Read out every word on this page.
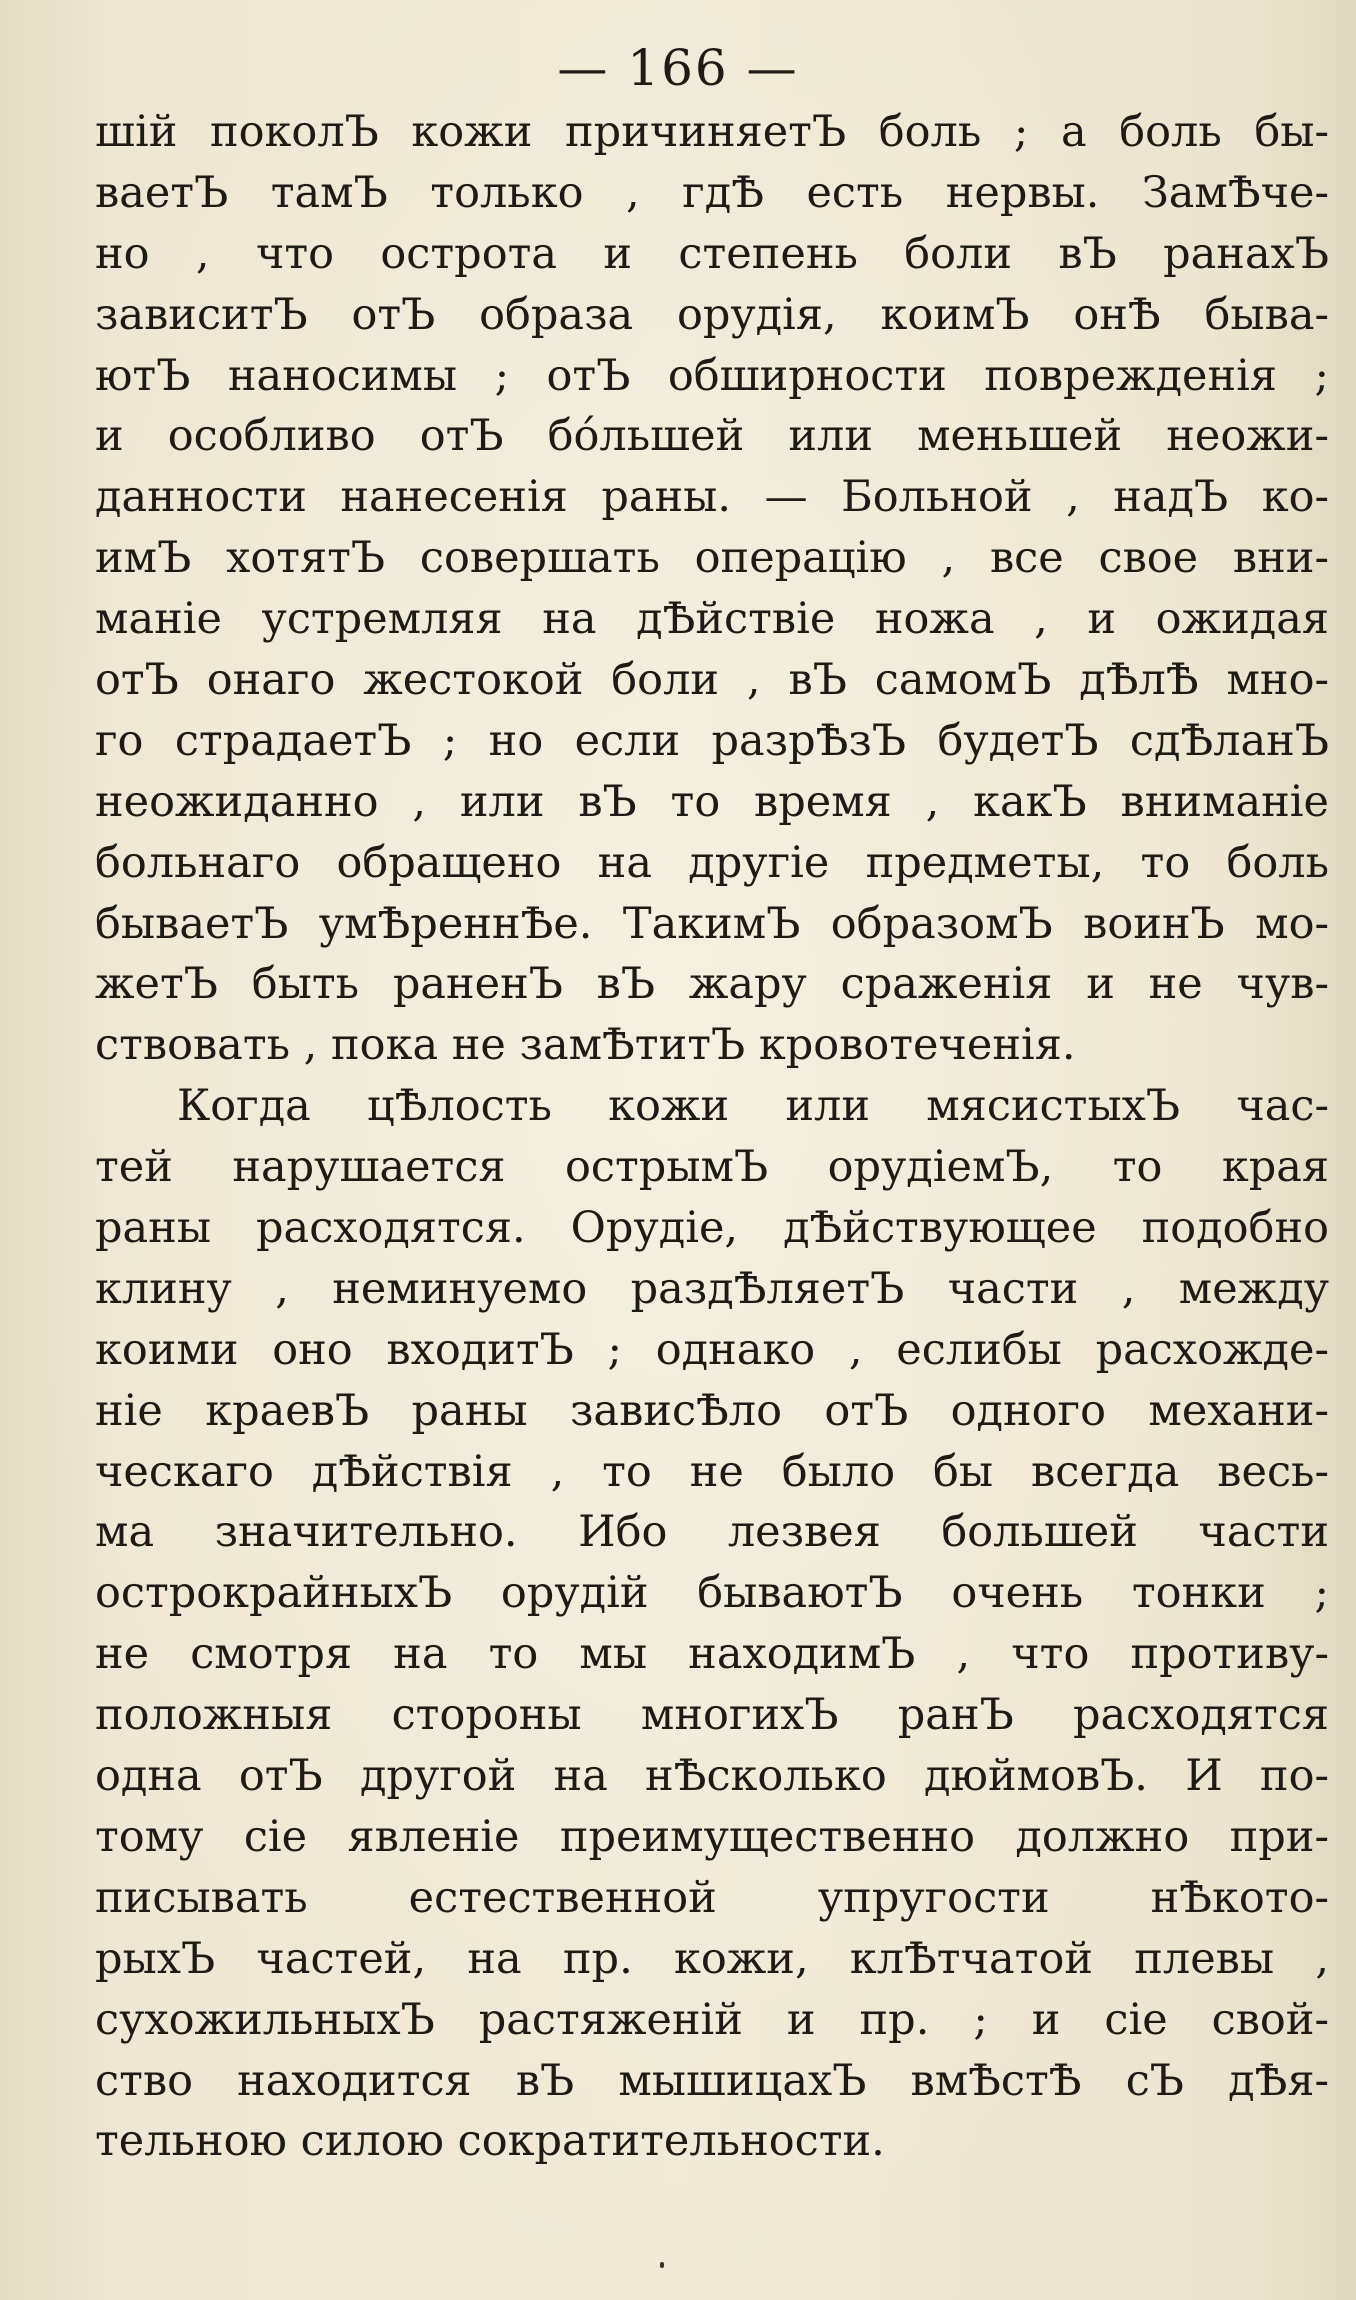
— 166 —
шій поколЪ кожи причиняетЪ боль ; а боль бы-
ваетЪ тамЪ только , гдѢ есть нервы. ЗамѢче-
но , что острота и степень боли вЪ ранахЪ
зависитЪ отЪ образа орудія, коимЪ онѢ быва-
ютЪ наносимы ; отЪ обширности поврежденія ;
и особливо отЪ бо́льшей или меньшей неожи-
данности нанесенія раны. — Больной , надЪ ко-
имЪ хотятЪ совершать операцію , все свое вни-
маніе устремляя на дѢйствіе ножа , и ожидая
отЪ онаго жестокой боли , вЪ самомЪ дѢлѢ мно-
го страдаетЪ ; но если разрѢзЪ будетЪ сдѢланЪ
неожиданно , или вЪ то время , какЪ вниманіе
больнаго обращено на другіе предметы, то боль
бываетЪ умѢреннѢе. ТакимЪ образомЪ воинЪ мо-
жетЪ быть раненЪ вЪ жару сраженія и не чув-
ствовать , пока не замѢтитЪ кровотеченія.
Когда цѢлость кожи или мясистыхЪ час-
тей нарушается острымЪ орудіемЪ, то края
раны расходятся. Орудіе, дѢйствующее подобно
клину , неминуемо раздѢляетЪ части , между
коими оно входитЪ ; однако , еслибы расхожде-
ніе краевЪ раны зависѢло отЪ одного механи-
ческаго дѢйствія , то не было бы всегда весь-
ма значительно. Ибо лезвея большей части
острокрайныхЪ орудій бываютЪ очень тонки ;
не смотря на то мы находимЪ , что противу-
положныя стороны многихЪ ранЪ расходятся
одна отЪ другой на нѢсколько дюймовЪ. И по-
тому сіе явленіе преимущественно должно при-
писывать естественной упругости нѢкото-
рыхЪ частей, на пр. кожи, клѢтчатой плевы ,
сухожильныхЪ растяженій и пр. ; и сіе свой-
ство находится вЪ мышицахЪ вмѢстѢ сЪ дѢя-
тельною силою сократительности.
